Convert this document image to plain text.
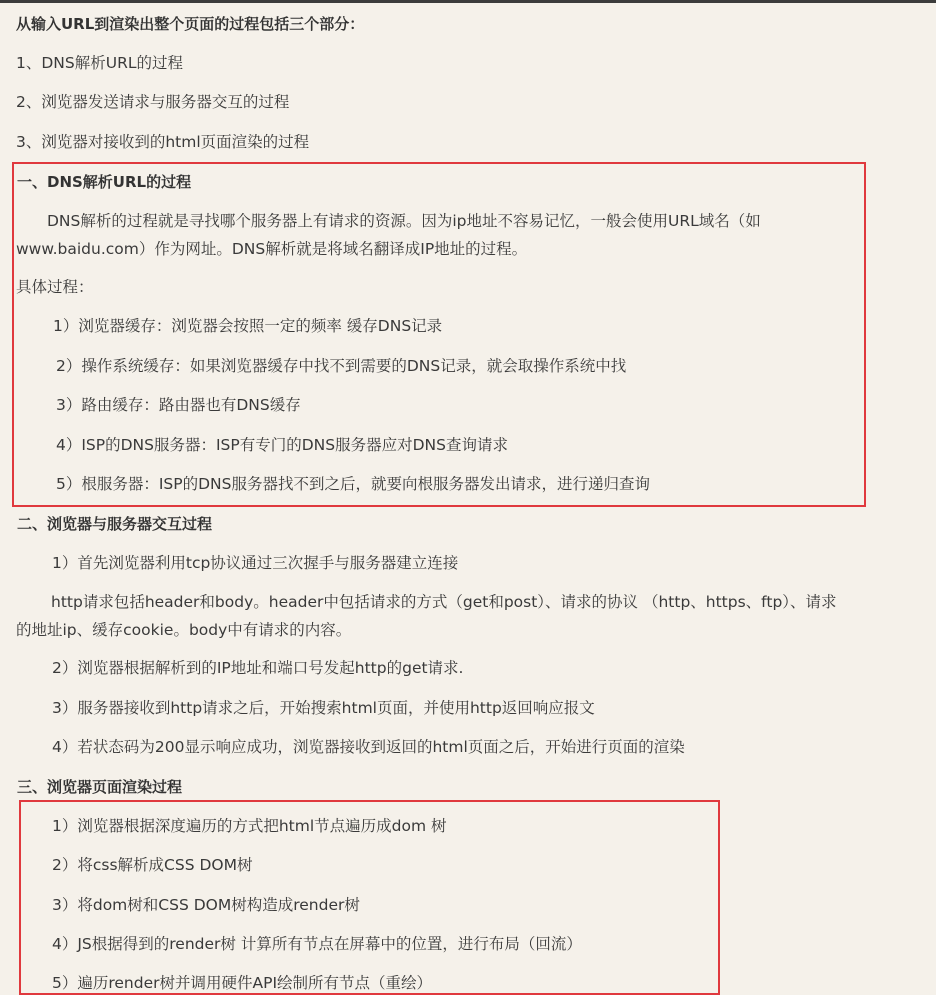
从输入URL到渲染出整个页面的过程包括三个部分：
1、DNS解析URL的过程
2、浏览器发送请求与服务器交互的过程
3、浏览器对接收到的html页面渲染的过程
一、DNS解析URL的过程
DNS解析的过程就是寻找哪个服务器上有请求的资源。因为ip地址不容易记忆，一般会使用URL域名（如www.baidu.com）作为网址。DNS解析就是将域名翻译成IP地址的过程。
具体过程：
1）浏览器缓存：浏览器会按照一定的频率 缓存DNS记录
2）操作系统缓存：如果浏览器缓存中找不到需要的DNS记录，就会取操作系统中找
3）路由缓存：路由器也有DNS缓存
4）ISP的DNS服务器：ISP有专门的DNS服务器应对DNS查询请求
5）根服务器：ISP的DNS服务器找不到之后，就要向根服务器发出请求，进行递归查询
二、浏览器与服务器交互过程
1）首先浏览器利用tcp协议通过三次握手与服务器建立连接
http请求包括header和body。header中包括请求的方式（get和post）、请求的协议 （http、https、ftp）、请求的地址ip、缓存cookie。body中有请求的内容。
2）浏览器根据解析到的IP地址和端口号发起http的get请求.
3）服务器接收到http请求之后，开始搜索html页面，并使用http返回响应报文
4）若状态码为200显示响应成功，浏览器接收到返回的html页面之后，开始进行页面的渲染
三、浏览器页面渲染过程
1）浏览器根据深度遍历的方式把html节点遍历成dom 树
2）将css解析成CSS DOM树
3）将dom树和CSS DOM树构造成render树
4）JS根据得到的render树 计算所有节点在屏幕中的位置，进行布局（回流）
5）遍历render树并调用硬件API绘制所有节点（重绘）
